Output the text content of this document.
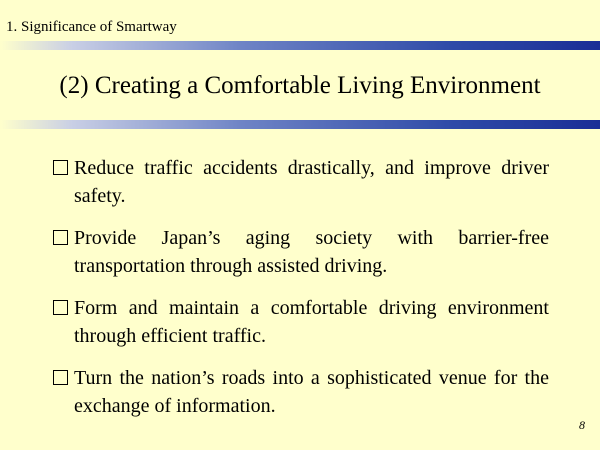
1. Significance of Smartway
(2) Creating a Comfortable Living Environment
Reduce traffic accidents drastically, and improve driver safety.
Provide Japan’s aging society with barrier-free transportation through assisted driving.
Form and maintain a comfortable driving environment through efficient traffic.
Turn the nation’s roads into a sophisticated venue for the exchange of information.
8
